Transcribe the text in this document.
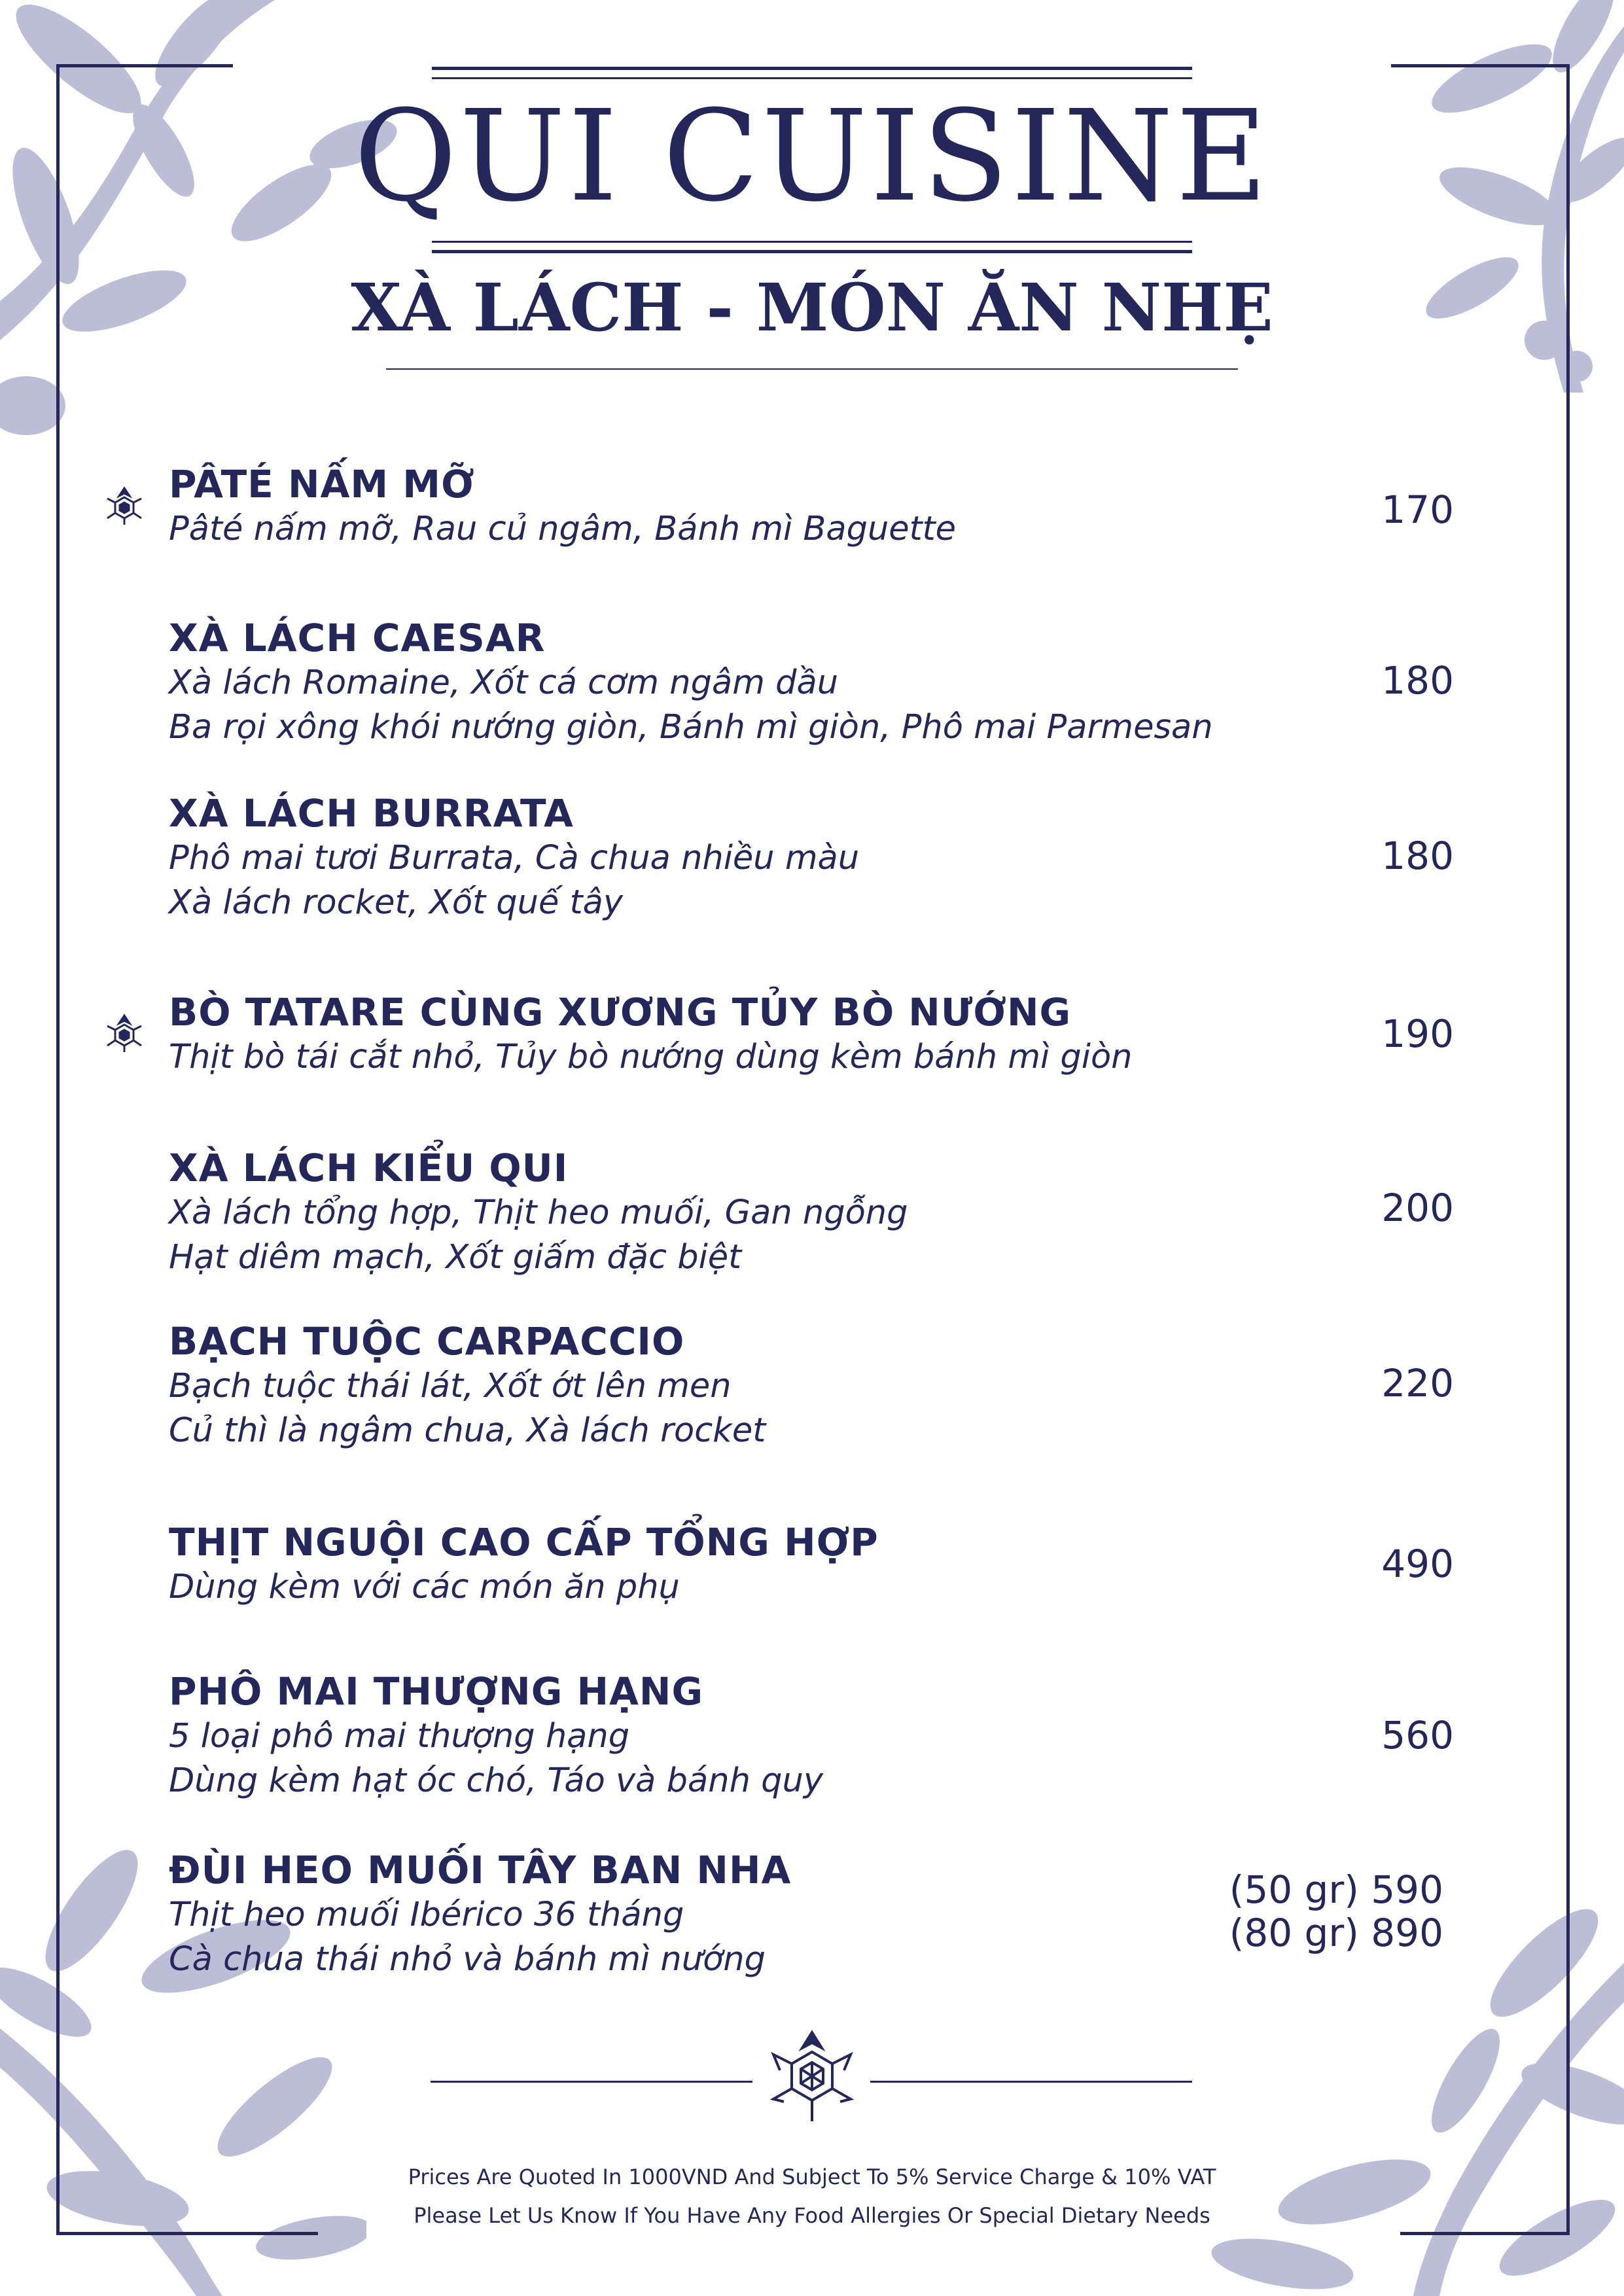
QUI CUISINE
XÀ LÁCH - MÓN ĂN NHẸ
PÂTÉ NẤM MỠ
Pâté nấm mỡ, Rau củ ngâm, Bánh mì Baguette	170
XÀ LÁCH CAESAR
Xà lách Romaine, Xốt cá cơm ngâm dầu
Ba rọi xông khói nướng giòn, Bánh mì giòn, Phô mai Parmesan
180
XÀ LÁCH BURRATA
Phô mai tươi Burrata, Cà chua nhiều màu
Xà lách rocket, Xốt quế tây
180
BÒ TATARE CÙNG XƯƠNG TỦY BÒ NƯỚNG
Thịt bò tái cắt nhỏ, Tủy bò nướng dùng kèm bánh mì giòn
190
XÀ LÁCH KIỂU QUI
Xà lách tổng hợp, Thịt heo muối, Gan ngỗng
Hạt diêm mạch, Xốt giấm đặc biệt
200
BẠCH TUỘC CARPACCIO
Bạch tuộc thái lát, Xốt ớt lên men
Củ thì là ngâm chua, Xà lách rocket
220
THỊT NGUỘI CAO CẤP TỔNG HỢP
Dùng kèm với các món ăn phụ
490
PHÔ MAI THƯỢNG HẠNG
5 loại phô mai thượng hạng
Dùng kèm hạt óc chó, Táo và bánh quy
560
ĐÙI HEO MUỐI TÂY BAN NHA
Thịt heo muối Ibérico 36 tháng
Cà chua thái nhỏ và bánh mì nướng
(50 gr) 590
(80 gr) 890
Prices Are Quoted In 1000VND And Subject To 5% Service Charge & 10% VAT
Please Let Us Know If You Have Any Food Allergies Or Special Dietary Needs
